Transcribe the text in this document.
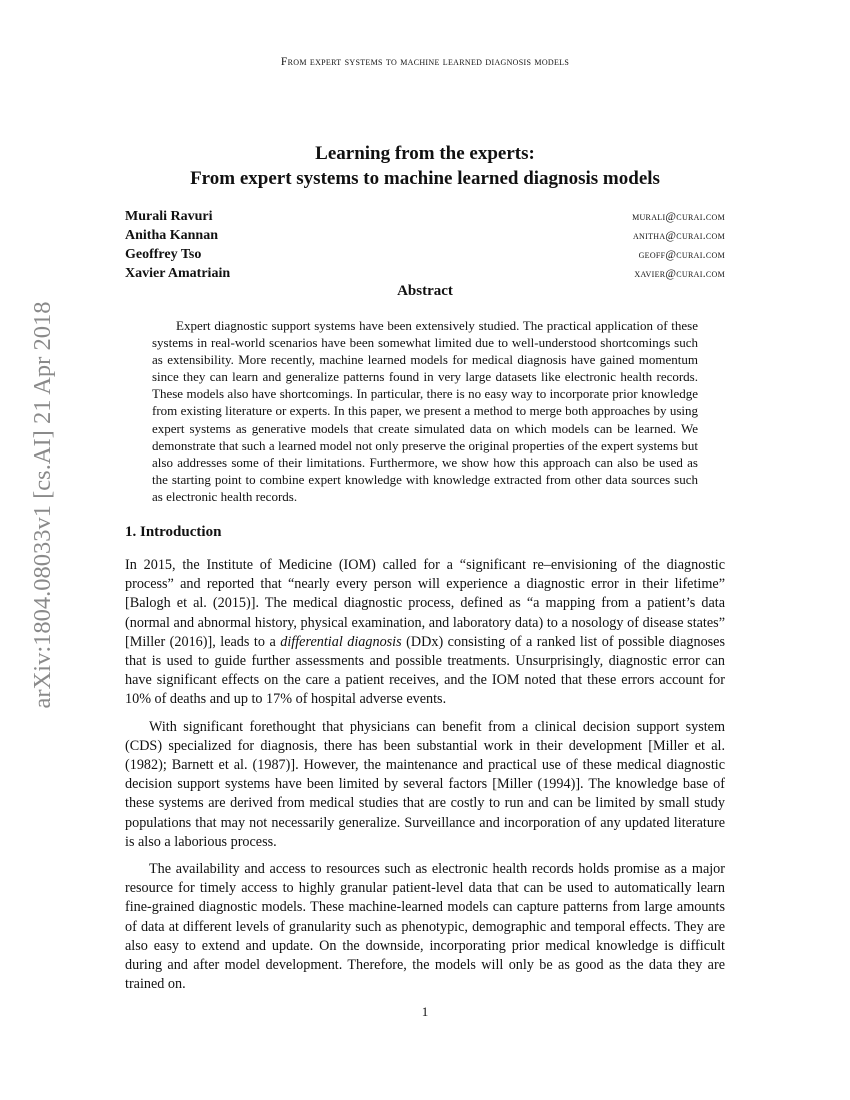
From expert systems to machine learned diagnosis models
arXiv:1804.08033v1 [cs.AI] 21 Apr 2018
Learning from the experts:
From expert systems to machine learned diagnosis models
Murali Ravuri	murali@curai.com
Anitha Kannan	anitha@curai.com
Geoffrey Tso	geoff@curai.com
Xavier Amatriain	xavier@curai.com
Abstract

Expert diagnostic support systems have been extensively studied. The practical application of these systems in real-world scenarios have been somewhat limited due to well-understood shortcomings such as extensibility. More recently, machine learned models for medical diagnosis have gained momentum since they can learn and generalize patterns found in very large datasets like electronic health records. These models also have shortcomings. In particular, there is no easy way to incorporate prior knowledge from existing literature or experts. In this paper, we present a method to merge both approaches by using expert systems as generative models that create simulated data on which models can be learned. We demonstrate that such a learned model not only preserve the original properties of the expert systems but also addresses some of their limitations. Furthermore, we show how this approach can also be used as the starting point to combine expert knowledge with knowledge extracted from other data sources such as electronic health records.

1. Introduction

In 2015, the Institute of Medicine (IOM) called for a “significant re–envisioning of the diagnostic process” and reported that “nearly every person will experience a diagnostic error in their lifetime” [Balogh et al. (2015)]. The medical diagnostic process, defined as “a mapping from a patient’s data (normal and abnormal history, physical examination, and laboratory data) to a nosology of disease states” [Miller (2016)], leads to a differential diagnosis (DDx) consisting of a ranked list of possible diagnoses that is used to guide further assessments and possible treatments. Unsurprisingly, diagnostic error can have significant effects on the care a patient receives, and the IOM noted that these errors account for 10% of deaths and up to 17% of hospital adverse events.

With significant forethought that physicians can benefit from a clinical decision support system (CDS) specialized for diagnosis, there has been substantial work in their development [Miller et al. (1982); Barnett et al. (1987)]. However, the maintenance and practical use of these medical diagnostic decision support systems have been limited by several factors [Miller (1994)]. The knowledge base of these systems are derived from medical studies that are costly to run and can be limited by small study populations that may not necessarily generalize. Surveillance and incorporation of any updated literature is also a laborious process.

The availability and access to resources such as electronic health records holds promise as a major resource for timely access to highly granular patient-level data that can be used to automatically learn fine-grained diagnostic models. These machine-learned models can capture patterns from large amounts of data at different levels of granularity such as phenotypic, demographic and temporal effects. They are also easy to extend and update. On the downside, incorporating prior medical knowledge is difficult during and after model development. Therefore, the models will only be as good as the data they are trained on.

1
